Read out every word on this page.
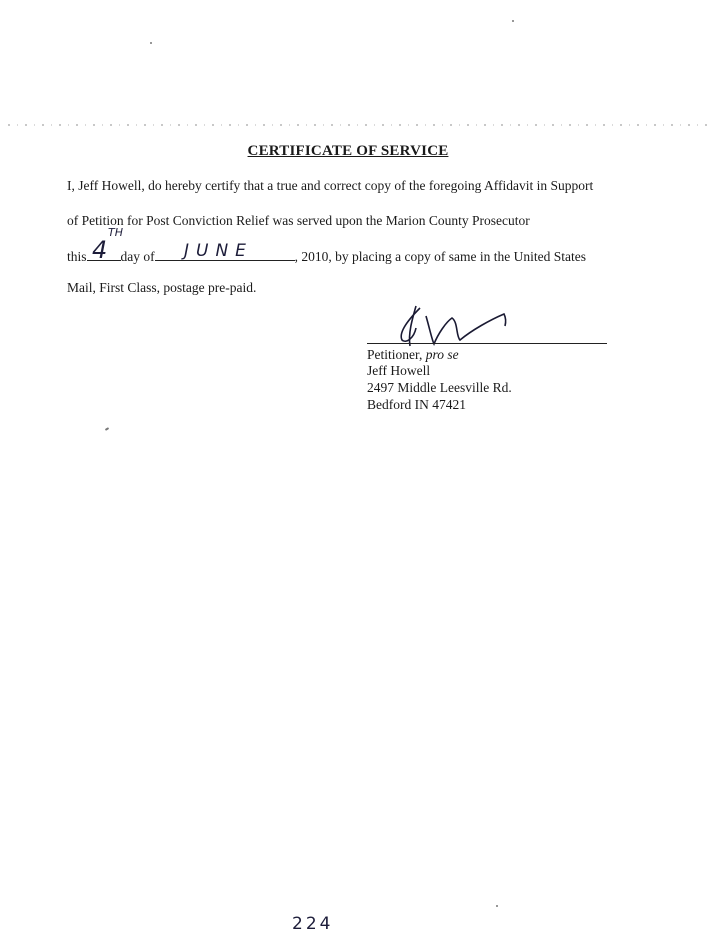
CERTIFICATE OF SERVICE
I, Jeff Howell, do hereby certify that a true and correct copy of the foregoing Affidavit in Support
of Petition for Post Conviction Relief was served upon the Marion County Prosecutor
this	day of	, 2010, by placing a copy of same in the United States
4
TH
JUNE
Mail, First Class, postage pre-paid.
Petitioner, pro se
Jeff Howell
2497 Middle Leesville Rd.
Bedford IN 47421
224
